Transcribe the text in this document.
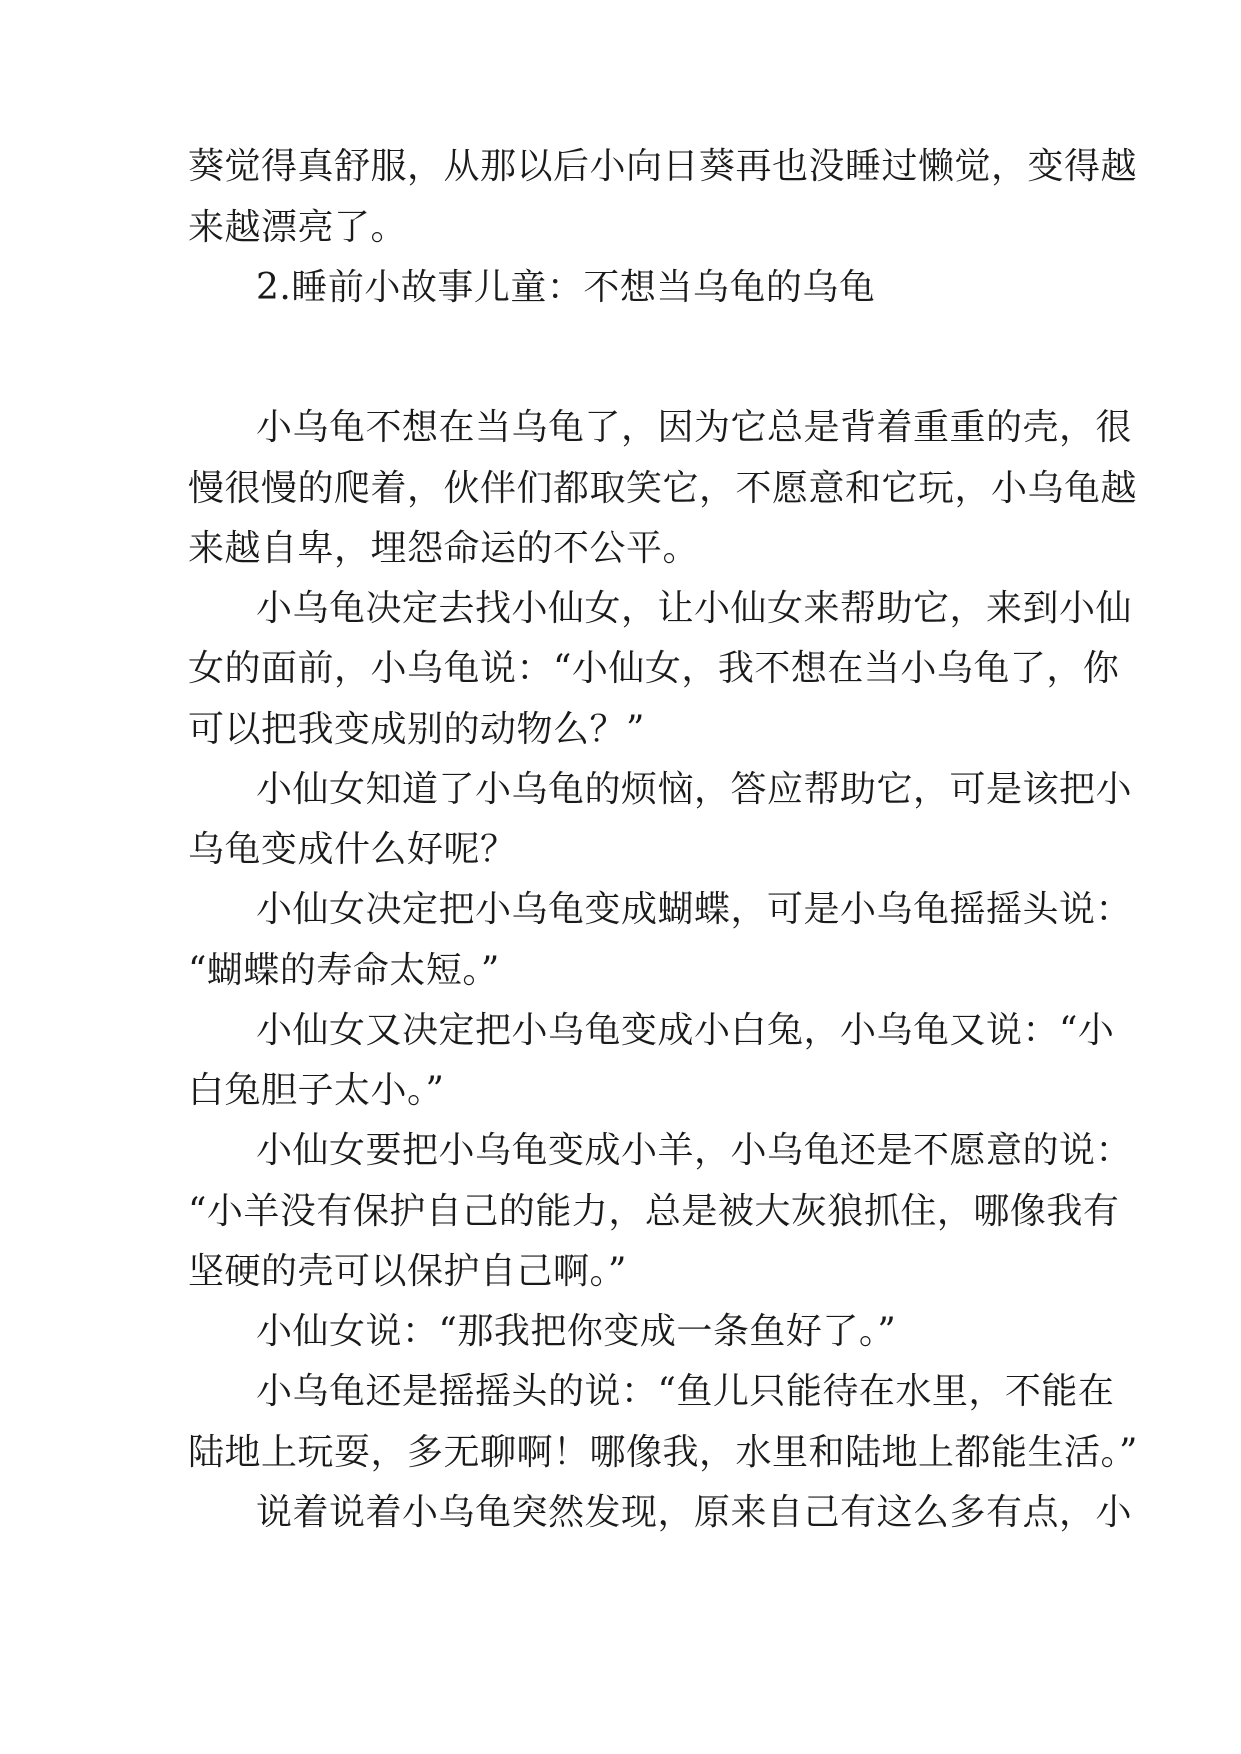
葵觉得真舒服，从那以后小向日葵再也没睡过懒觉，变得越
来越漂亮了。
2.睡前小故事儿童：不想当乌龟的乌龟
小乌龟不想在当乌龟了，因为它总是背着重重的壳，很
慢很慢的爬着，伙伴们都取笑它，不愿意和它玩，小乌龟越
来越自卑，埋怨命运的不公平。
小乌龟决定去找小仙女，让小仙女来帮助它，来到小仙
女的面前，小乌龟说：“小仙女，我不想在当小乌龟了，你
可以把我变成别的动物么？”
小仙女知道了小乌龟的烦恼，答应帮助它，可是该把小
乌龟变成什么好呢？
小仙女决定把小乌龟变成蝴蝶，可是小乌龟摇摇头说：
“蝴蝶的寿命太短。”
小仙女又决定把小乌龟变成小白兔，小乌龟又说：“小
白兔胆子太小。”
小仙女要把小乌龟变成小羊，小乌龟还是不愿意的说：
“小羊没有保护自己的能力，总是被大灰狼抓住，哪像我有
坚硬的壳可以保护自己啊。”
小仙女说：“那我把你变成一条鱼好了。”
小乌龟还是摇摇头的说：“鱼儿只能待在水里，不能在
陆地上玩耍，多无聊啊！哪像我，水里和陆地上都能生活。”
说着说着小乌龟突然发现，原来自己有这么多有点，小
